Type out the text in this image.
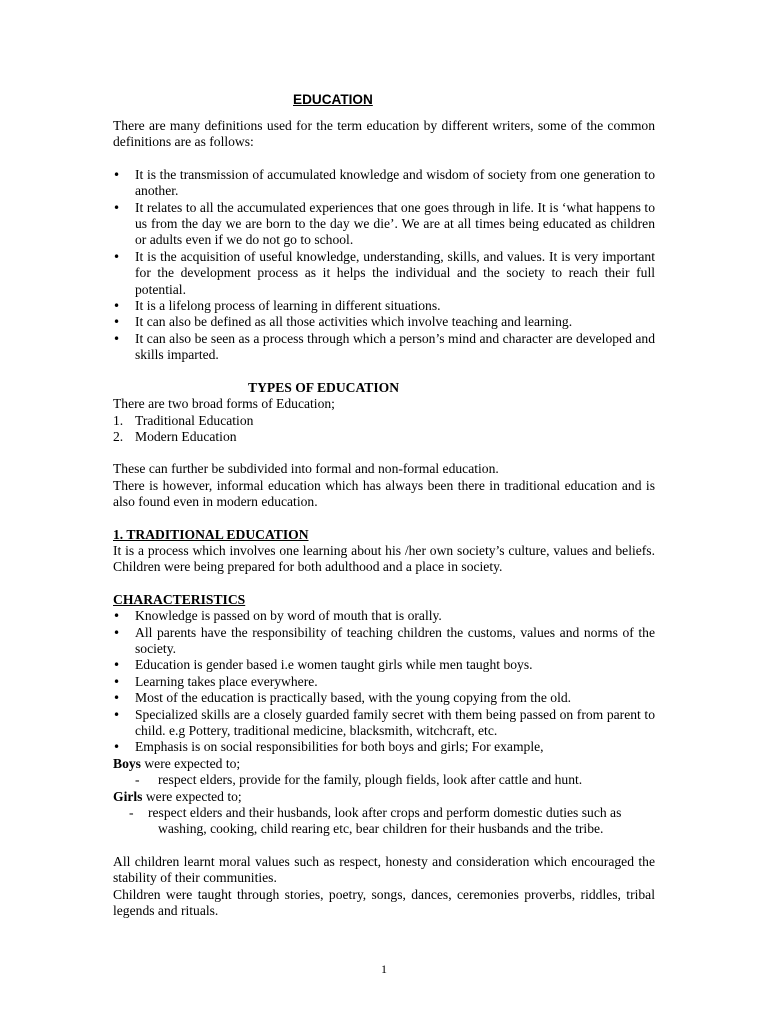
EDUCATION

There are many definitions used for the term education by different writers, some of the common definitions are as follows:

• It is the transmission of accumulated knowledge and wisdom of society from one generation to another.
• It relates to all the accumulated experiences that one goes through in life. It is ‘what happens to us from the day we are born to the day we die’. We are at all times being educated as children or adults even if we do not go to school.
• It is the acquisition of useful knowledge, understanding, skills, and values. It is very important for the development process as it helps the individual and the society to reach their full potential.
• It is a lifelong process of learning in different situations.
• It can also be defined as all those activities which involve teaching and learning.
• It can also be seen as a process through which a person’s mind and character are developed and skills imparted.
TYPES OF EDUCATION

There are two broad forms of Education;

1. Traditional Education
2. Modern Education

These can further be subdivided into formal and non-formal education.

There is however, informal education which has always been there in traditional education and is also found even in modern education.

1. TRADITIONAL EDUCATION

It is a process which involves one learning about his /her own society’s culture, values and beliefs. Children were being prepared for both adulthood and a place in society.

CHARACTERISTICS
• Knowledge is passed on by word of mouth that is orally.
• All parents have the responsibility of teaching children the customs, values and norms of the society.
• Education is gender based i.e women taught girls while men taught boys.
• Learning takes place everywhere.
• Most of the education is practically based, with the young copying from the old.
• Specialized skills are a closely guarded family secret with them being passed on from parent to child. e.g Pottery, traditional medicine, blacksmith, witchcraft, etc.
• Emphasis is on social responsibilities for both boys and girls; For example,
Boys were expected to;
- respect elders, provide for the family, plough fields, look after cattle and hunt.
Girls were expected to;
- respect elders and their husbands, look after crops and perform domestic duties such as
washing, cooking, child rearing etc, bear children for their husbands and the tribe.

All children learnt moral values such as respect, honesty and consideration which encouraged the stability of their communities.

Children were taught through stories, poetry, songs, dances, ceremonies proverbs, riddles, tribal legends and rituals.

1
